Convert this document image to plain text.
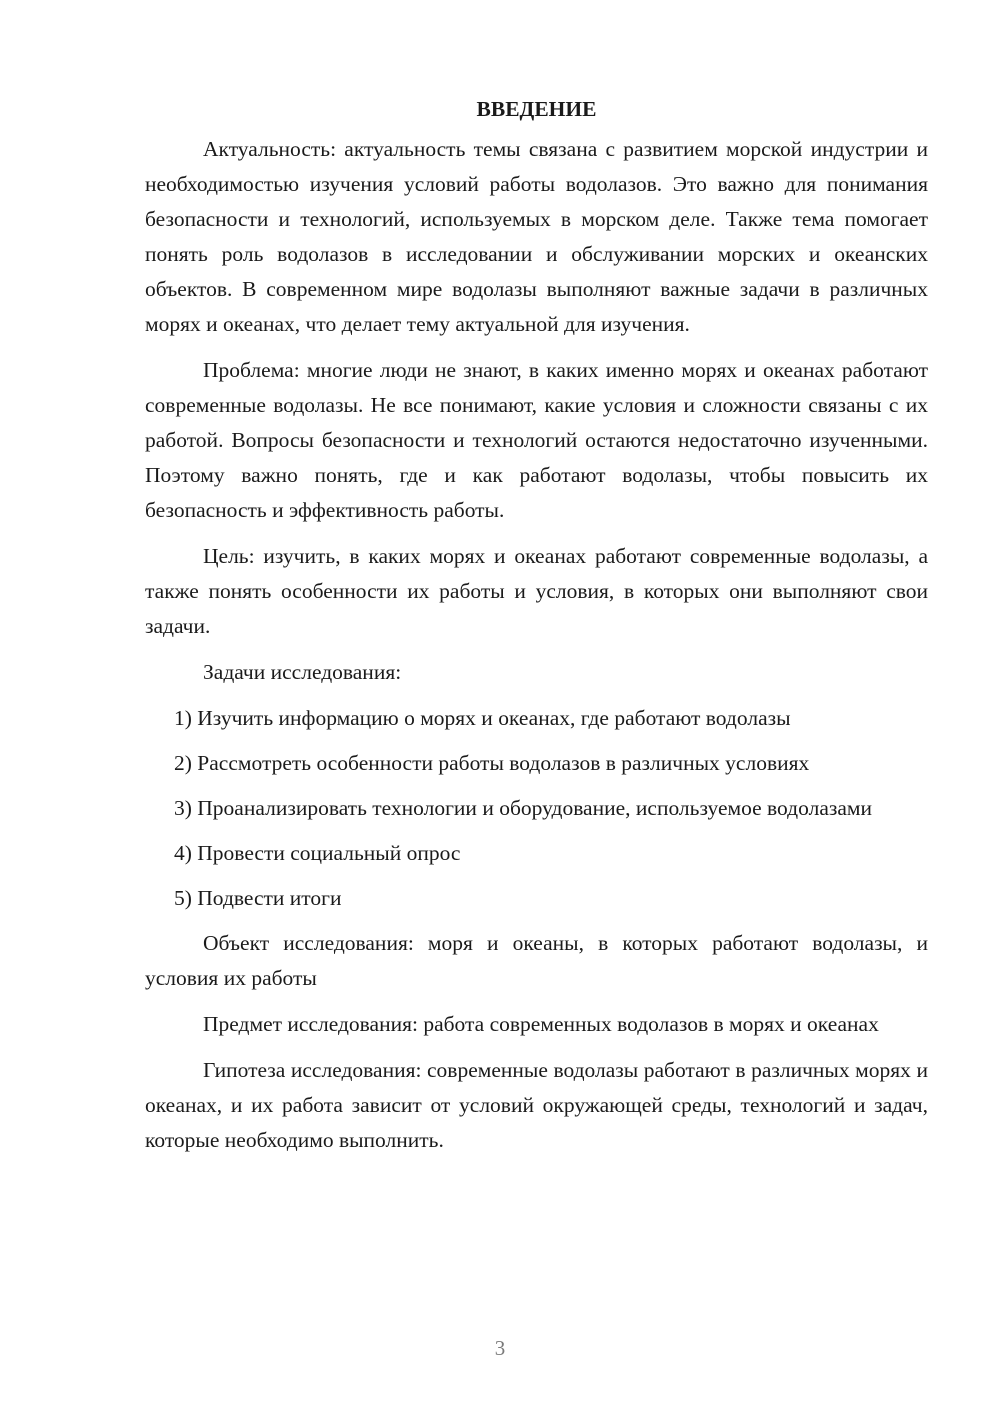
ВВЕДЕНИЕ

Актуальность: актуальность темы связана с развитием морской индустрии и необходимостью изучения условий работы водолазов. Это важно для понимания безопасности и технологий, используемых в морском деле. Также тема помогает понять роль водолазов в исследовании и обслуживании морских и океанских объектов. В современном мире водолазы выполняют важные задачи в различных морях и океанах, что делает тему актуальной для изучения.

Проблема: многие люди не знают, в каких именно морях и океанах работают современные водолазы. Не все понимают, какие условия и сложности связаны с их работой. Вопросы безопасности и технологий остаются недостаточно изученными. Поэтому важно понять, где и как работают водолазы, чтобы повысить их безопасность и эффективность работы.

Цель: изучить, в каких морях и океанах работают современные водолазы, а также понять особенности их работы и условия, в которых они выполняют свои задачи.

Задачи исследования:

1) Изучить информацию о морях и океанах, где работают водолазы

2) Рассмотреть особенности работы водолазов в различных условиях

3) Проанализировать технологии и оборудование, используемое водолазами

4) Провести социальный опрос

5) Подвести итоги

Объект исследования: моря и океаны, в которых работают водолазы, и условия их работы

Предмет исследования: работа современных водолазов в морях и океанах

Гипотеза исследования: современные водолазы работают в различных морях и океанах, и их работа зависит от условий окружающей среды, технологий и задач, которые необходимо выполнить.

3
